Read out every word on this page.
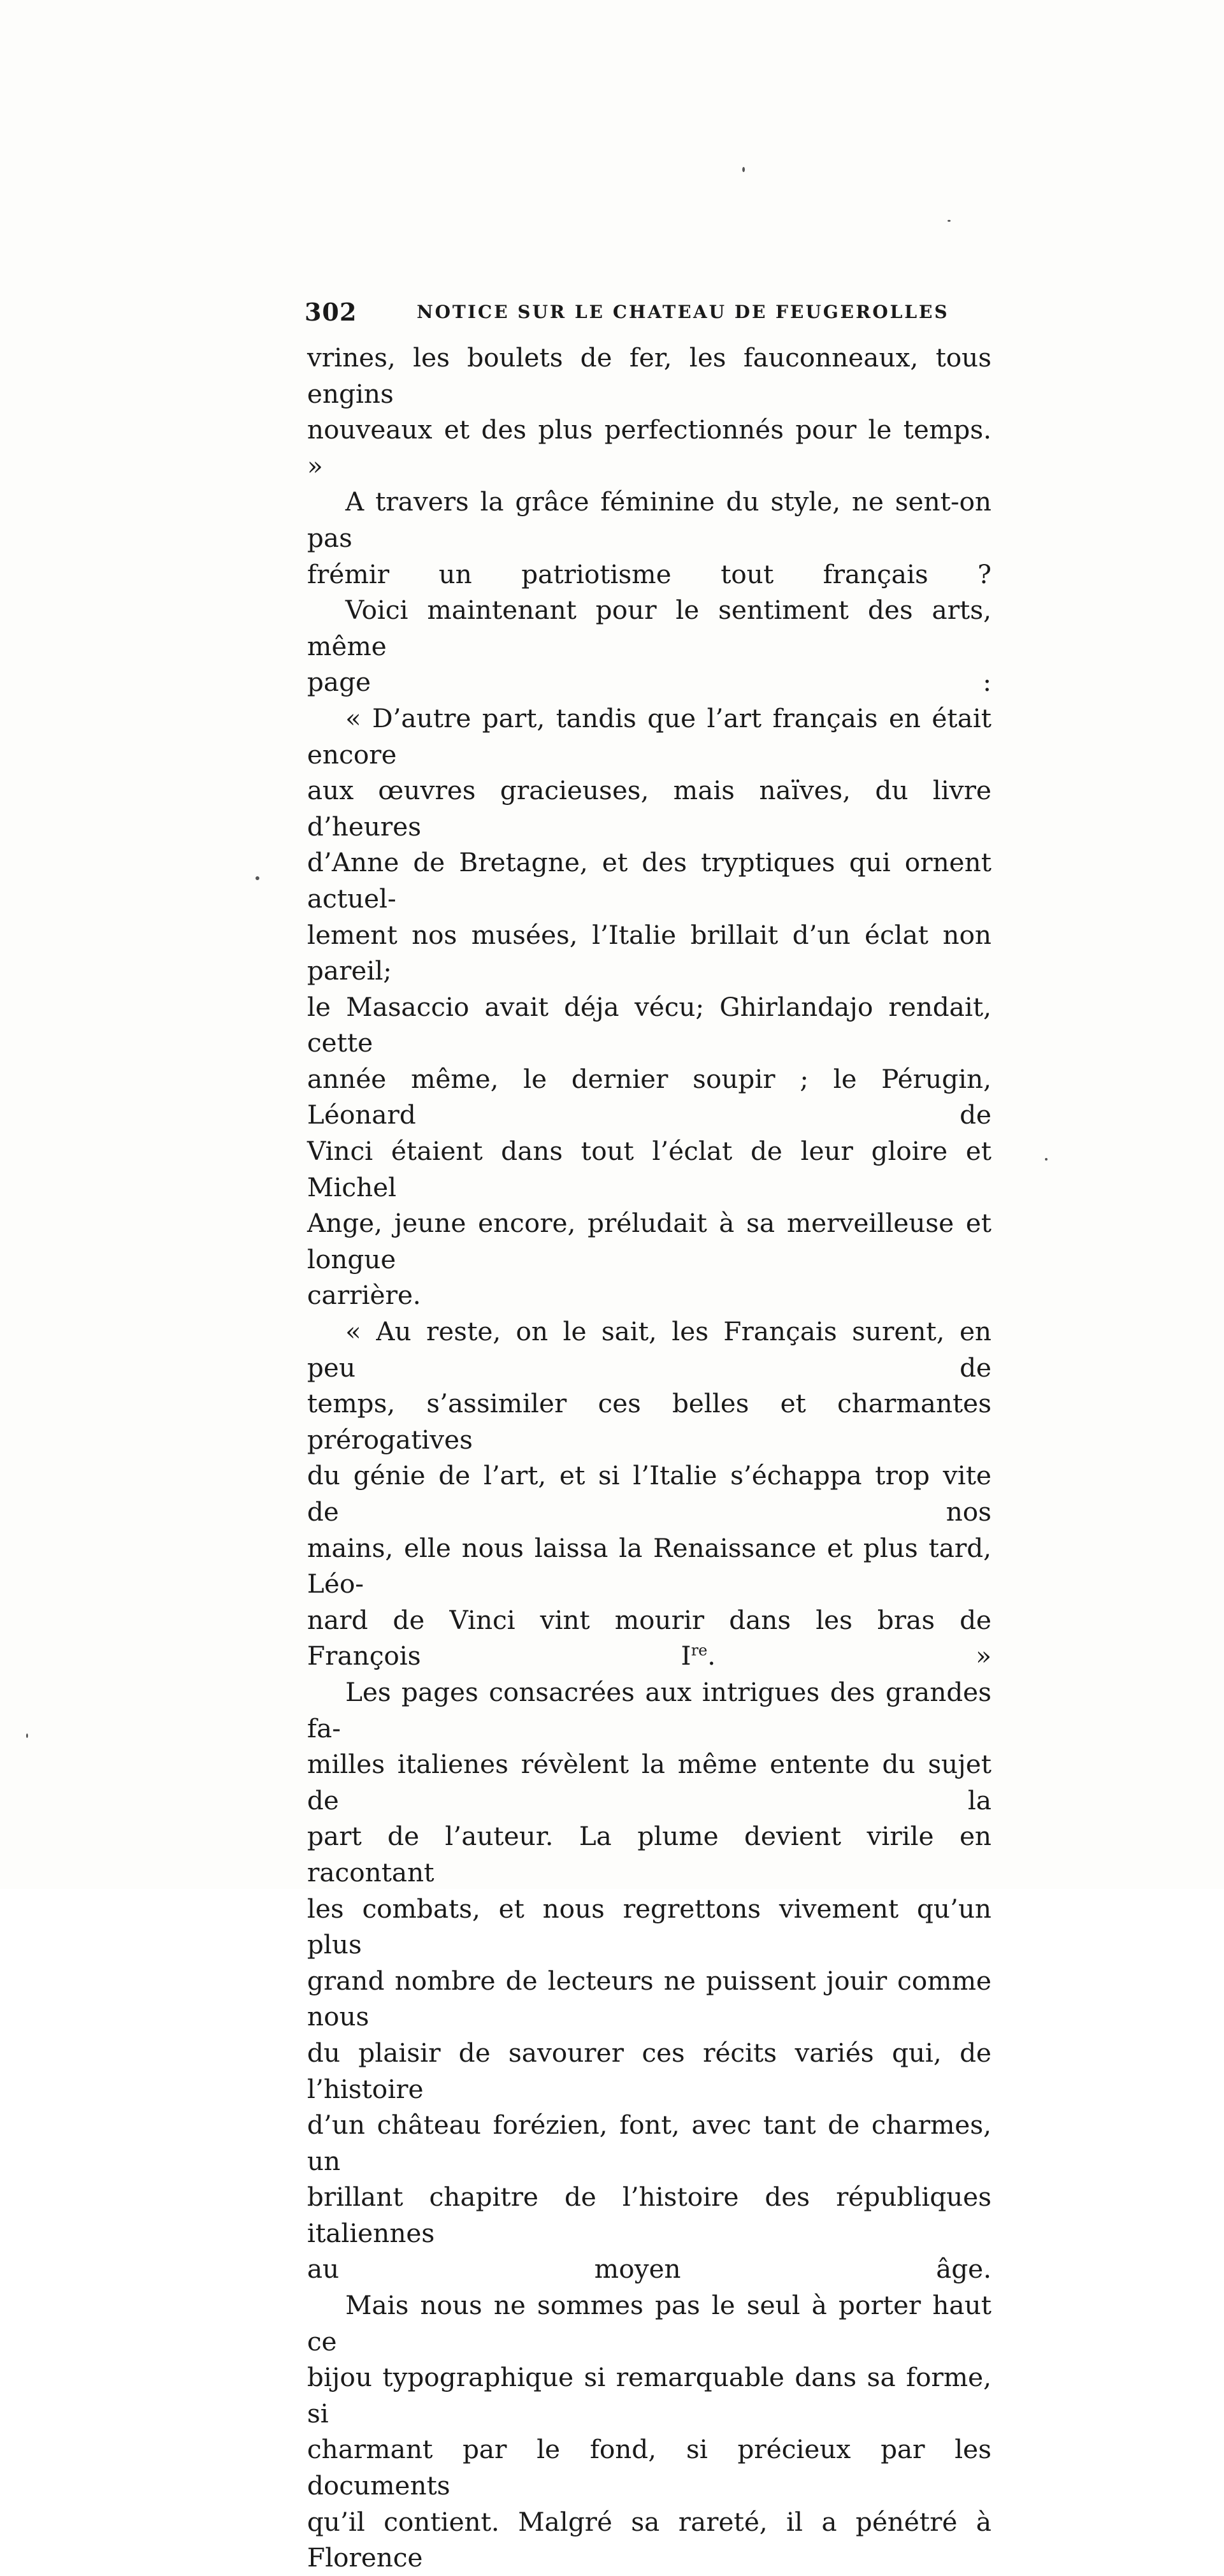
302	NOTICE SUR LE CHATEAU DE FEUGEROLLES

vrines, les boulets de fer, les fauconneaux, tous engins
nouveaux et des plus perfectionnés pour le temps. »

A travers la grâce féminine du style, ne sent-on pas
frémir un patriotisme tout français ?

Voici maintenant pour le sentiment des arts, même
page :

« D’autre part, tandis que l’art français en était encore
aux œuvres gracieuses, mais naïves, du livre d’heures
d’Anne de Bretagne, et des tryptiques qui ornent actuel-
lement nos musées, l’Italie brillait d’un éclat non pareil;
le Masaccio avait déja vécu; Ghirlandajo rendait, cette
année même, le dernier soupir ; le Pérugin, Léonard de
Vinci étaient dans tout l’éclat de leur gloire et Michel
Ange, jeune encore, préludait à sa merveilleuse et longue
carrière.

« Au reste, on le sait, les Français surent, en peu de
temps, s’assimiler ces belles et charmantes prérogatives
du génie de l’art, et si l’Italie s’échappa trop vite de nos
mains, elle nous laissa la Renaissance et plus tard, Léo-
nard de Vinci vint mourir dans les bras de François Ire. »

Les pages consacrées aux intrigues des grandes fa-
milles italienes révèlent la même entente du sujet de la
part de l’auteur. La plume devient virile en racontant
les combats, et nous regrettons vivement qu’un plus
grand nombre de lecteurs ne puissent jouir comme nous
du plaisir de savourer ces récits variés qui, de l’histoire
d’un château forézien, font, avec tant de charmes, un
brillant chapitre de l’histoire des républiques italiennes
au moyen âge.

Mais nous ne sommes pas le seul à porter haut ce
bijou typographique si remarquable dans sa forme, si
charmant par le fond, si précieux par les documents
qu’il contient. Malgré sa rareté, il a pénétré à Florence
